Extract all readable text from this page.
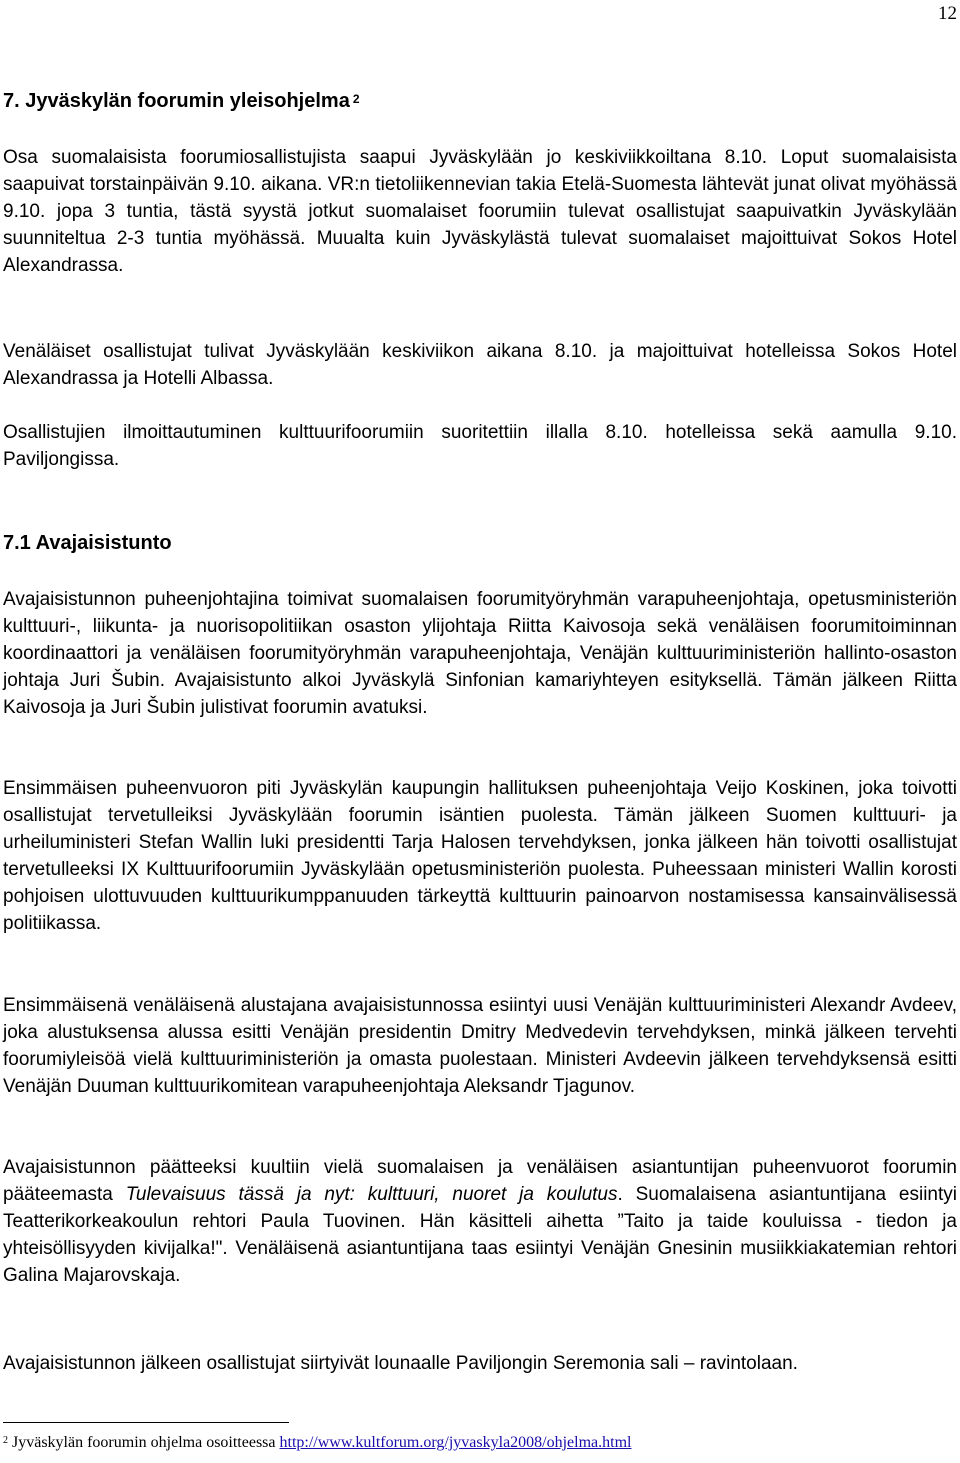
12
7. Jyväskylän foorumin yleisohjelma $^2$

Osa suomalaisista foorumiosallistujista saapui Jyväskylään jo keskiviikkoiltana 8.10. Loput suomalaisista saapuivat torstainpäivän 9.10. aikana. VR:n tietoliikennevian takia Etelä-Suomesta lähtevät junat olivat myöhässä 9.10. jopa 3 tuntia, tästä syystä jotkut suomalaiset foorumiin tulevat osallistujat saapuivatkin Jyväskylään suunniteltua 2-3 tuntia myöhässä. Muualta kuin Jyväskylästä tulevat suomalaiset majoittuivat Sokos Hotel Alexandrassa.

Venäläiset osallistujat tulivat Jyväskylään keskiviikon aikana 8.10. ja majoittuivat hotelleissa Sokos Hotel Alexandrassa ja Hotelli Albassa.

Osallistujien ilmoittautuminen kulttuurifoorumiin suoritettiin illalla 8.10. hotelleissa sekä aamulla 9.10. Paviljongissa.

7.1 Avajaisistunto

Avajaisistunnon puheenjohtajina toimivat suomalaisen foorumityöryhmän varapuheenjohtaja, opetusministeriön kulttuuri-, liikunta- ja nuorisopolitiikan osaston ylijohtaja Riitta Kaivosoja sekä venäläisen foorumitoiminnan koordinaattori ja venäläisen foorumityöryhmän varapuheenjohtaja, Venäjän kulttuuriministeriön hallinto-osaston johtaja Juri Šubin. Avajaisistunto alkoi Jyväskylä Sinfonian kamariyhteyen esityksellä. Tämän jälkeen Riitta Kaivosoja ja Juri Šubin julistivat foorumin avatuksi.

Ensimmäisen puheenvuoron piti Jyväskylän kaupungin hallituksen puheenjohtaja Veijo Koskinen, joka toivotti osallistujat tervetulleiksi Jyväskylään foorumin isäntien puolesta. Tämän jälkeen Suomen kulttuuri- ja urheiluministeri Stefan Wallin luki presidentti Tarja Halosen tervehdyksen, jonka jälkeen hän toivotti osallistujat tervetulleeksi IX Kulttuurifoorumiin Jyväskylään opetusministeriön puolesta. Puheessaan ministeri Wallin korosti pohjoisen ulottuvuuden kulttuurikumppanuuden tärkeyttä kulttuurin painoarvon nostamisessa kansainvälisessä politiikassa.

Ensimmäisenä venäläisenä alustajana avajaisistunnossa esiintyi uusi Venäjän kulttuuriministeri Alexandr Avdeev, joka alustuksensa alussa esitti Venäjän presidentin Dmitry Medvedevin tervehdyksen, minkä jälkeen tervehti foorumiyleisöä vielä kulttuuriministeriön ja omasta puolestaan. Ministeri Avdeevin jälkeen tervehdyksensä esitti Venäjän Duuman kulttuurikomitean varapuheenjohtaja Aleksandr Tjagunov.

Avajaisistunnon päätteeksi kuultiin vielä suomalaisen ja venäläisen asiantuntijan puheenvuorot foorumin pääteemasta Tulevaisuus tässä ja nyt: kulttuuri, nuoret ja koulutus. Suomalaisena asiantuntijana esiintyi Teatterikorkeakoulun rehtori Paula Tuovinen. Hän käsitteli aihetta ”Taito ja taide kouluissa - tiedon ja yhteisöllisyyden kivijalka!". Venäläisenä asiantuntijana taas esiintyi Venäjän Gnesinin musiikkiakatemian rehtori Galina Majarovskaja.

Avajaisistunnon jälkeen osallistujat siirtyivät lounaalle Paviljongin Seremonia sali – ravintolaan.

$^2$ Jyväskylän foorumin ohjelma osoitteessa http://www.kultforum.org/jyvaskyla2008/ohjelma.html
